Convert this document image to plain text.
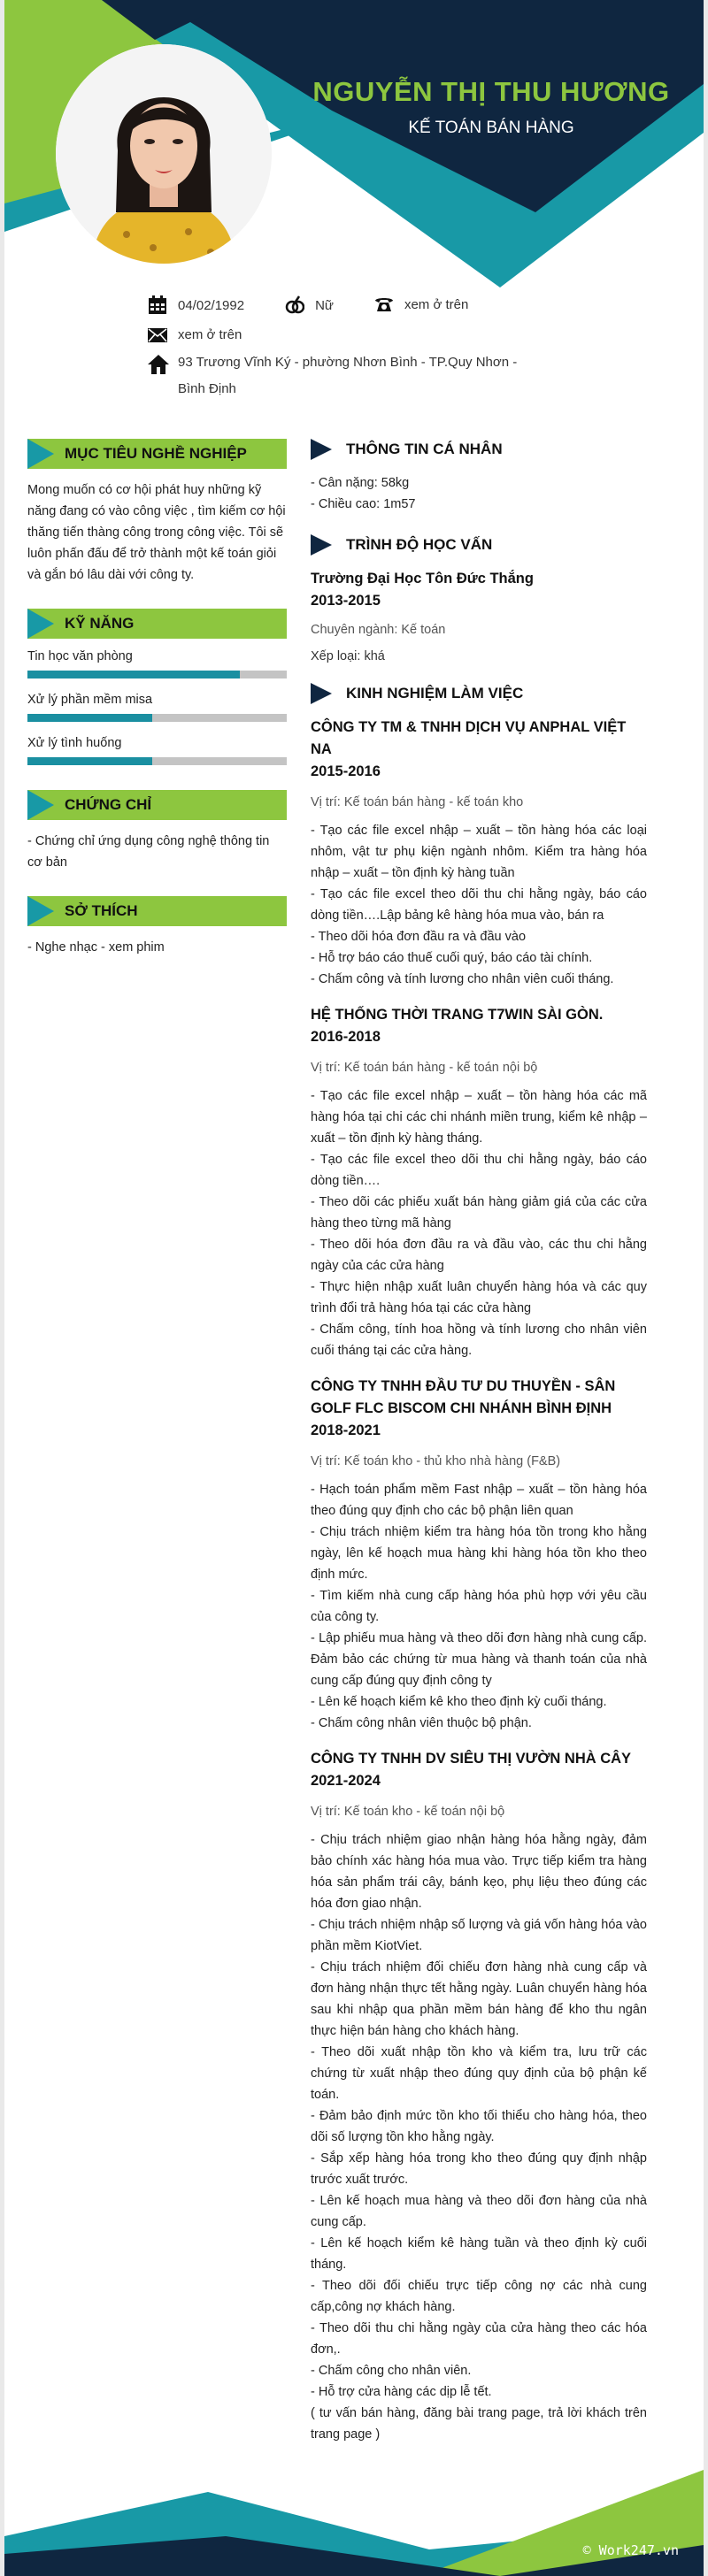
NGUYỄN THỊ THU HƯƠNG
KẾ TOÁN BÁN HÀNG
04/02/1992	Nữ	xem ở trên
xem ở trên
93 Trương Vĩnh Ký - phường Nhơn Bình - TP.Quy Nhơn - Bình Định
MỤC TIÊU NGHỀ NGHIỆP
Mong muốn có cơ hội phát huy những kỹ năng đang có vào công việc , tìm kiếm cơ hội thăng tiến thàng công trong công việc. Tôi sẽ luôn phấn đấu để trở thành một kế toán giỏi và gắn bó lâu dài với công ty.
KỸ NĂNG
Tin học văn phòng
Xử lý phần mềm misa
Xử lý tình huống
CHỨNG CHỈ
- Chứng chỉ ứng dụng công nghệ thông tin cơ bản
SỞ THÍCH
- Nghe nhạc - xem phim
THÔNG TIN CÁ NHÂN
- Cân nặng: 58kg
- Chiều cao: 1m57
TRÌNH ĐỘ HỌC VẤN
Trường Đại Học Tôn Đức Thắng
2013-2015
Chuyên ngành: Kế toán
Xếp loại: khá
KINH NGHIỆM LÀM VIỆC
CÔNG TY TM & TNHH DỊCH VỤ ANPHAL VIỆT NA
2015-2016
Vị trí: Kế toán bán hàng - kế toán kho
- Tạo các file excel nhập – xuất – tồn hàng hóa các loại nhôm, vật tư phụ kiện ngành nhôm. Kiểm tra hàng hóa nhập – xuất – tồn định kỳ hàng tuần
- Tạo các file excel theo dõi thu chi hằng ngày, báo cáo dòng tiền….Lập bảng kê hàng hóa mua vào, bán ra
- Theo dõi hóa đơn đầu ra và đầu vào
- Hỗ trợ báo cáo thuế cuối quý, báo cáo tài chính.
- Chấm công và tính lương cho nhân viên cuối tháng.
HỆ THỐNG THỜI TRANG T7WIN SÀI GÒN.
2016-2018
Vị trí: Kế toán bán hàng - kế toán nội bộ
- Tạo các file excel nhập – xuất – tồn hàng hóa các mã hàng hóa tại chi các chi nhánh miền trung, kiểm kê nhập – xuất – tồn định kỳ hàng tháng.
- Tạo các file excel theo dõi thu chi hằng ngày, báo cáo dòng tiền….
- Theo dõi các phiếu xuất bán hàng giảm giá của các cửa hàng theo từng mã hàng
- Theo dõi hóa đơn đầu ra và đầu vào, các thu chi hằng ngày của các cửa hàng
- Thực hiện nhập xuất luân chuyển hàng hóa và các quy trình đổi trả hàng hóa tại các cửa hàng
- Chấm công, tính hoa hồng và tính lương cho nhân viên cuối tháng tại các cửa hàng.
CÔNG TY TNHH ĐẦU TƯ DU THUYỀN - SÂN GOLF FLC BISCOM CHI NHÁNH BÌNH ĐỊNH
2018-2021
Vị trí: Kế toán kho - thủ kho nhà hàng (F&B)
- Hạch toán phẩm mềm Fast nhập – xuất – tồn hàng hóa theo đúng quy định cho các bộ phận liên quan
- Chịu trách nhiệm kiểm tra hàng hóa tồn trong kho hằng ngày, lên kế hoạch mua hàng khi hàng hóa tồn kho theo định mức.
- Tìm kiếm nhà cung cấp hàng hóa phù hợp với yêu cầu của công ty.
- Lập phiếu mua hàng và theo dõi đơn hàng nhà cung cấp. Đảm bảo các chứng từ mua hàng và thanh toán của nhà cung cấp đúng quy định công ty
- Lên kế hoạch kiểm kê kho theo định kỳ cuối tháng.
- Chấm công nhân viên thuộc bộ phận.
CÔNG TY TNHH DV SIÊU THỊ VƯỜN NHÀ CÂY
2021-2024
Vị trí: Kế toán kho - kế toán nội bộ
- Chịu trách nhiệm giao nhận hàng hóa hằng ngày, đảm bảo chính xác hàng hóa mua vào. Trực tiếp kiểm tra hàng hóa sản phẩm trái cây, bánh kẹo, phụ liệu theo đúng các hóa đơn giao nhận.
- Chịu trách nhiệm nhập số lượng và giá vốn hàng hóa vào phần mềm KiotViet.
- Chịu trách nhiệm đối chiếu đơn hàng nhà cung cấp và đơn hàng nhận thực tết hằng ngày. Luân chuyển hàng hóa sau khi nhập qua phần mềm bán hàng để kho thu ngân thực hiện bán hàng cho khách hàng.
- Theo dõi xuất nhập tồn kho và kiểm tra, lưu trữ các chứng từ xuất nhập theo đúng quy định của bộ phận kế toán.
- Đảm bảo định mức tồn kho tối thiểu cho hàng hóa, theo dõi số lượng tồn kho hằng ngày.
- Sắp xếp hàng hóa trong kho theo đúng quy định nhập trước xuất trước.
- Lên kế hoạch mua hàng và theo dõi đơn hàng của nhà cung cấp.
- Lên kế hoạch kiểm kê hàng tuần và theo định kỳ cuối tháng.
- Theo dõi đối chiếu trực tiếp công nợ các nhà cung cấp,công nợ khách hàng.
- Theo dõi thu chi hằng ngày của cửa hàng theo các hóa đơn,.
- Chấm công cho nhân viên.
- Hỗ trợ cửa hàng các dịp lễ tết.
( tư vấn bán hàng, đăng bài trang page, trả lời khách trên trang page )
© Work247.vn
